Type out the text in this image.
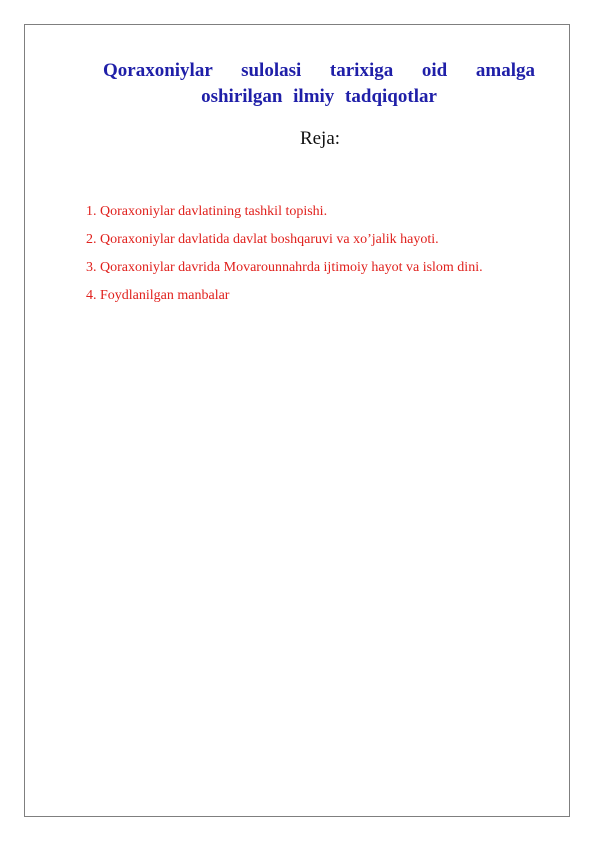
Qoraxoniylar sulolasi tarixiga oid amalga oshirilgan ilmiy tadqiqotlar
Reja:
1. Qoraxoniylar davlatining tashkil topishi.
2. Qoraxoniylar davlatida davlat boshqaruvi va xo’jalik hayoti.
3. Qoraxoniylar davrida Movarounnahrda ijtimoiy hayot va islom dini.
4. Foydlanilgan manbalar
